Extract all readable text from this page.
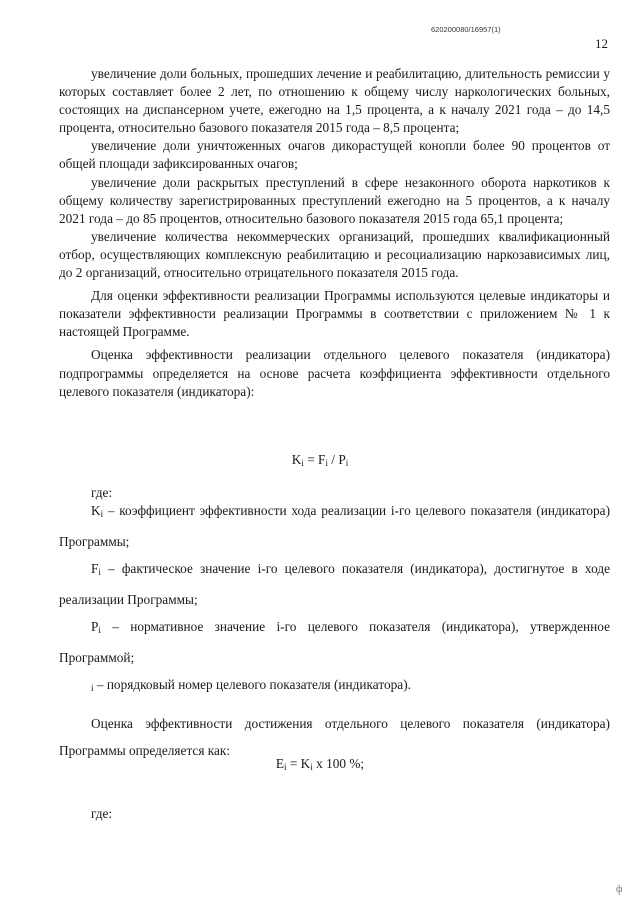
620200080/16957(1)
12

увеличение доли больных, прошедших лечение и реабилитацию, длительность ремиссии у которых составляет более 2 лет, по отношению к общему числу наркологических больных, состоящих на диспансерном учете, ежегодно на 1,5 процента, а к началу 2021 года – до 14,5 процента, относительно базового показателя 2015 года – 8,5 процента;

увеличение доли уничтоженных очагов дикорастущей конопли более 90 процентов от общей площади зафиксированных очагов;

увеличение доли раскрытых преступлений в сфере незаконного оборота наркотиков к общему количеству зарегистрированных преступлений ежегодно на 5 процентов, а к началу 2021 года – до 85 процентов, относительно базового показателя 2015 года 65,1 процента;

увеличение количества некоммерческих организаций, прошедших квалификационный отбор, осуществляющих комплексную реабилитацию и ресоциализацию наркозависимых лиц, до 2 организаций, относительно отрицательного показателя 2015 года.

Для оценки эффективности реализации Программы используются целевые индикаторы и показатели эффективности реализации Программы в соответствии с приложением № 1 к настоящей Программе.

Оценка эффективности реализации отдельного целевого показателя (индикатора) подпрограммы определяется на основе расчета коэффициента эффективности отдельного целевого показателя (индикатора):

$K_i = F_i / P_i$
где:

$K_i$ – коэффициент эффективности хода реализации i-го целевого показателя (индикатора) Программы;

$F_i$ – фактическое значение i-го целевого показателя (индикатора), достигнутое в ходе реализации Программы;

$P_i$ – нормативное значение i-го целевого показателя (индикатора), утвержденное Программой;

$_i$ – порядковый номер целевого показателя (индикатора).

Оценка эффективности достижения отдельного целевого показателя (индикатора) Программы определяется как:

$E_i = K_i$ x 100 %;
где:
ф
